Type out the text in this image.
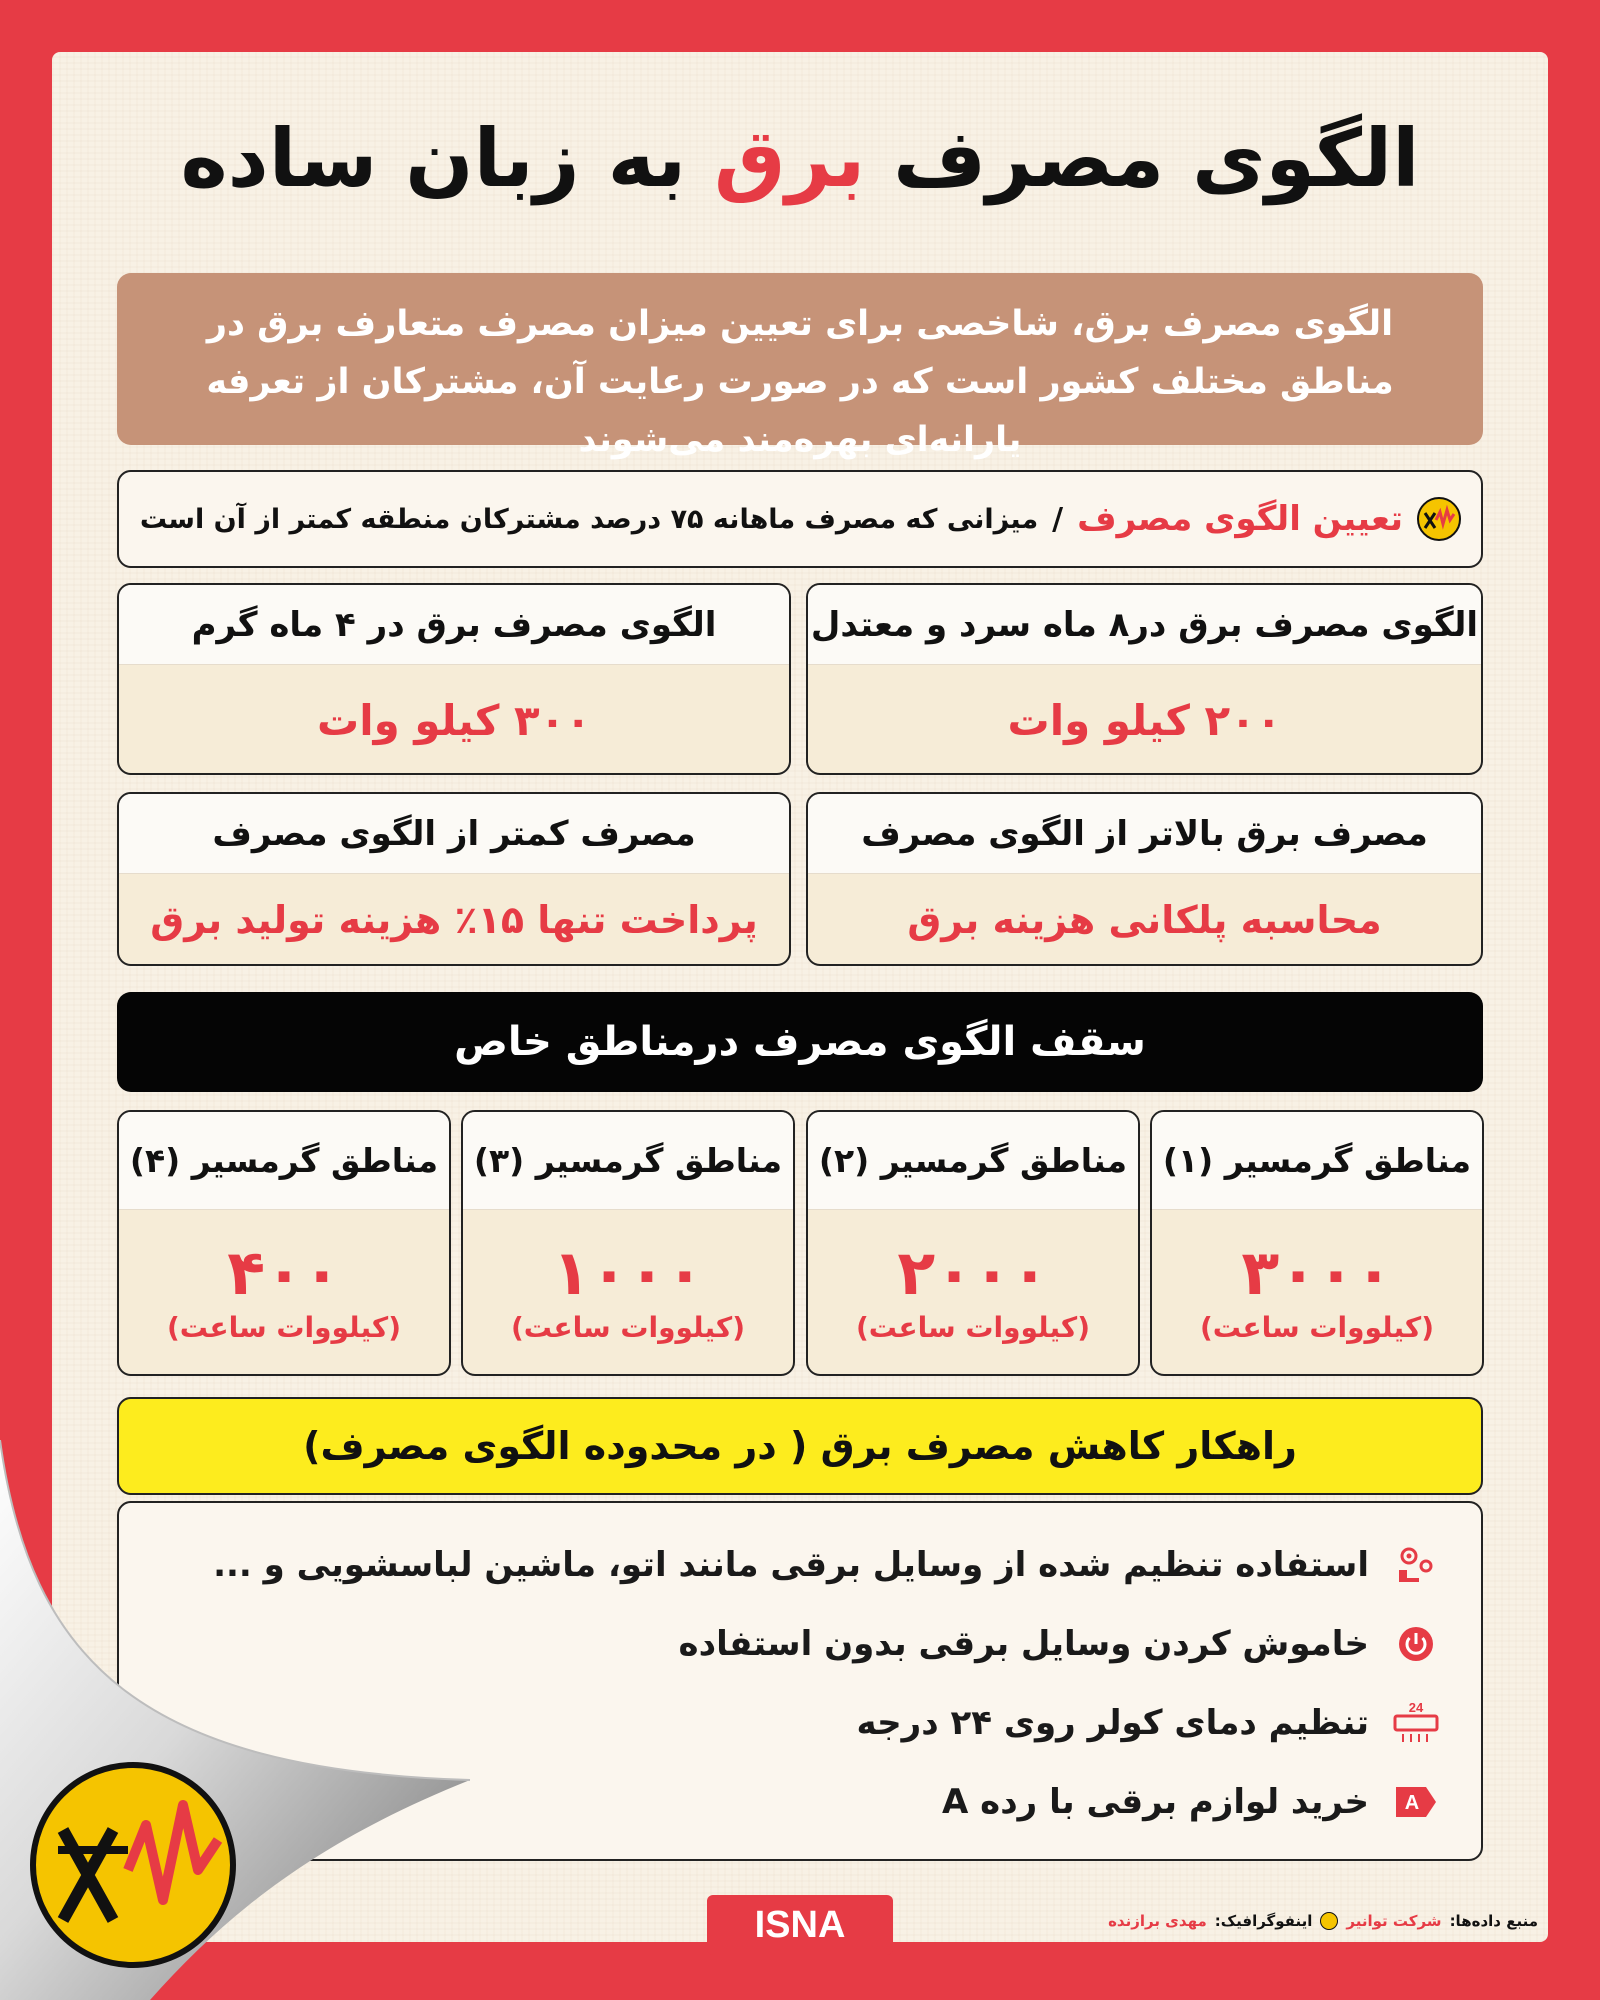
الگوی مصرف برق به زبان ساده
الگوی مصرف برق، شاخصی برای تعیین میزان مصرف متعارف برق در مناطق مختلف کشور است که در صورت رعایت آن، مشترکان از تعرفه یارانه‌ای بهره‌مند می‌شوند
تعیین الگوی مصرف
/
میزانی که مصرف ماهانه ۷۵ درصد مشترکان منطقه کمتر از آن است
الگوی مصرف برق در۸ ماه سرد و معتدل
۲۰۰ کیلو وات
الگوی مصرف برق در ۴ ماه گرم
۳۰۰ کیلو وات
مصرف برق بالاتر از الگوی مصرف
محاسبه پلکانی هزینه برق
مصرف کمتر از الگوی مصرف
پرداخت تنها ۱۵٪ هزینه تولید برق
سقف الگوی مصرف درمناطق خاص
مناطق گرمسیر (۱)
۳۰۰۰
(کیلووات ساعت)
مناطق گرمسیر (۲)
۲۰۰۰
(کیلووات ساعت)
مناطق گرمسیر (۳)
۱۰۰۰
(کیلووات ساعت)
مناطق گرمسیر (۴)
۴۰۰
(کیلووات ساعت)
راهکار کاهش مصرف برق ( در محدوده الگوی مصرف)
استفاده تنظیم شده از وسایل برقی مانند اتو، ماشین لباسشویی و ...
خاموش کردن وسایل برقی بدون استفاده
24
تنظیم دمای کولر روی ۲۴ درجه
A
خرید لوازم برقی با رده A
ISNA	منبع داده‌ها:
شرکت توانیر
اینفوگرافیک:
مهدی برازنده
